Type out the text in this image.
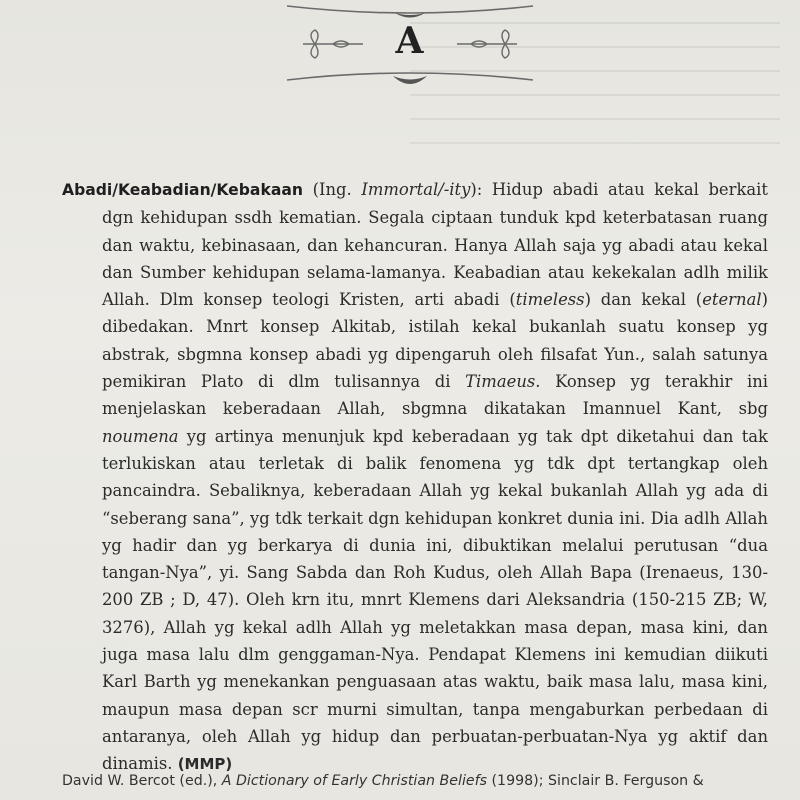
A

Abadi/Keabadian/Kebakaan (Ing. Immortal/-ity): Hidup abadi atau kekal berkait dgn kehidupan ssdh kematian. Segala ciptaan tunduk kpd keterbatasan ruang dan waktu, kebinasaan, dan kehancuran. Hanya Allah saja yg abadi atau kekal dan Sumber kehidupan selama-lamanya. Keabadian atau kekekalan adlh milik Allah. Dlm konsep teologi Kristen, arti abadi (timeless) dan kekal (eternal) dibedakan. Mnrt konsep Alkitab, istilah kekal bukanlah suatu konsep yg abstrak, sbgmna konsep abadi yg dipengaruh oleh filsafat Yun., salah satunya pemikiran Plato di dlm tulisannya di Timaeus. Konsep yg terakhir ini menjelaskan keberadaan Allah, sbgmna dikatakan Imannuel Kant, sbg noumena yg artinya menunjuk kpd keberadaan yg tak dpt diketahui dan tak terlukiskan atau terletak di balik fenomena yg tdk dpt tertangkap oleh pancaindra. Sebaliknya, keberadaan Allah yg kekal bukanlah Allah yg ada di “seberang sana”, yg tdk terkait dgn kehidupan konkret dunia ini. Dia adlh Allah yg hadir dan yg berkarya di dunia ini, dibuktikan melalui perutusan “dua tangan-Nya”, yi. Sang Sabda dan Roh Kudus, oleh Allah Bapa (Irenaeus, 130-200 ZB ; D, 47). Oleh krn itu, mnrt Klemens dari Aleksandria (150-215 ZB; W, 3276), Allah yg kekal adlh Allah yg meletakkan masa depan, masa kini, dan juga masa lalu dlm genggaman-Nya. Pendapat Klemens ini kemudian diikuti Karl Barth yg menekankan penguasaan atas waktu, baik masa lalu, masa kini, maupun masa depan scr murni simultan, tanpa mengaburkan perbedaan di antaranya, oleh Allah yg hidup dan perbuatan-perbuatan-Nya yg aktif dan dinamis. (MMP)

David W. Bercot (ed.), A Dictionary of Early Christian Beliefs (1998); Sinclair B. Ferguson &
